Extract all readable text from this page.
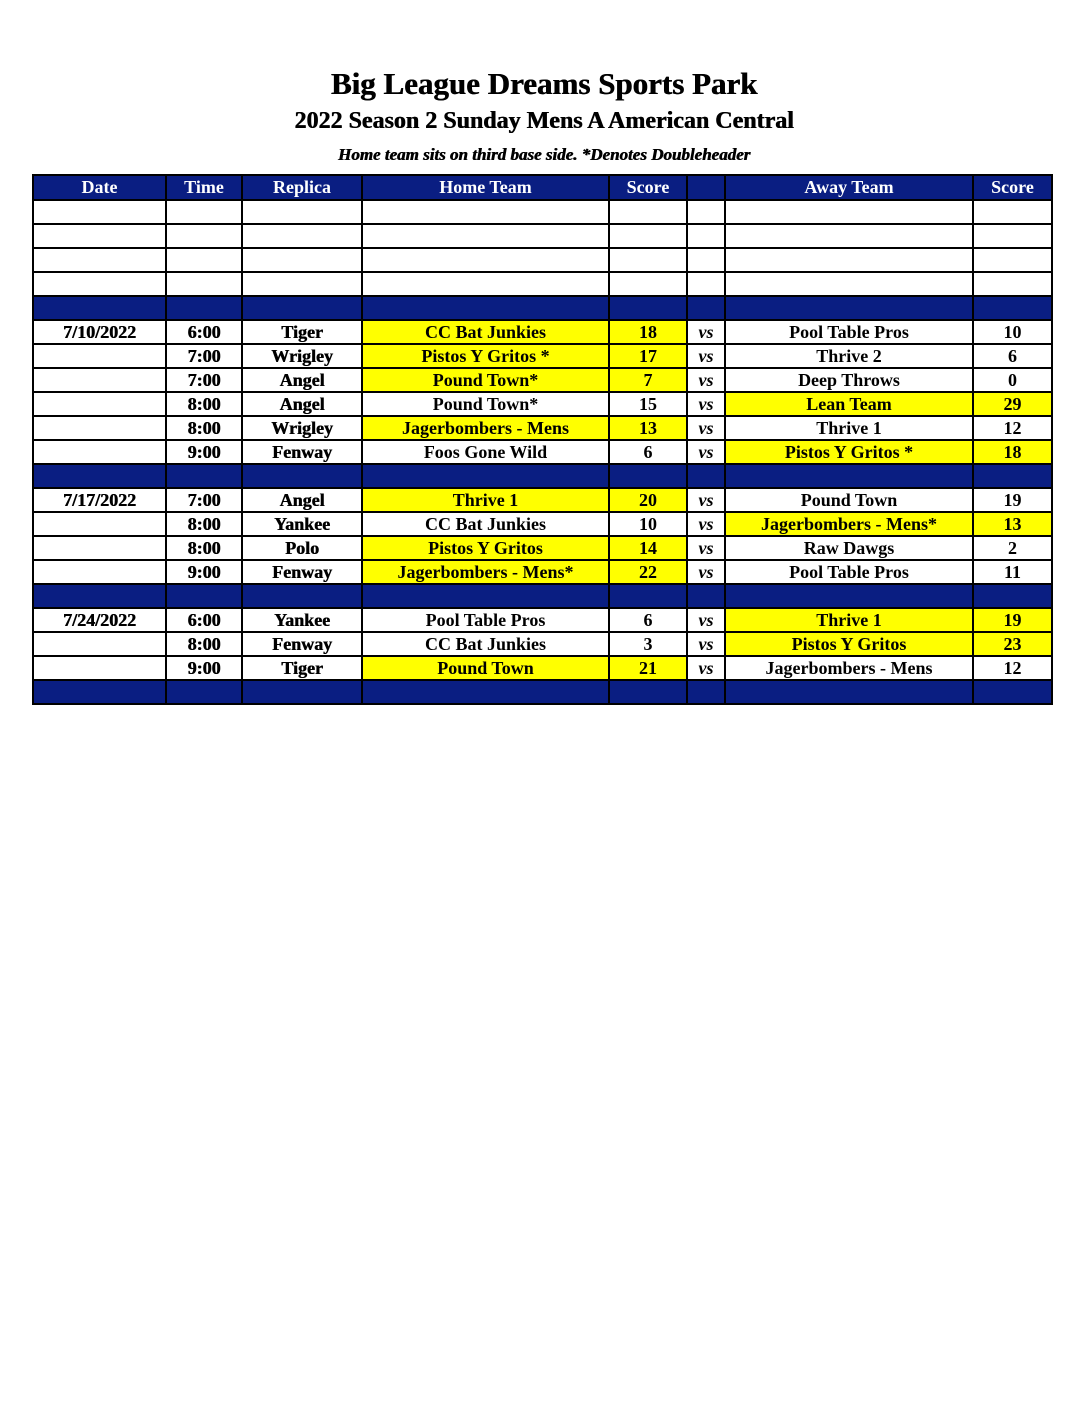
Big League Dreams Sports Park
2022 Season 2 Sunday Mens A American Central
Home team sits on third base side. *Denotes Doubleheader
Date	Time	Replica	Home Team	Score		Away Team	Score

7/10/2022	6:00	Tiger	CC Bat Junkies	18	vs	Pool Table Pros	10
	7:00	Wrigley	Pistos Y Gritos *	17	vs	Thrive 2	6
	7:00	Angel	Pound Town*	7	vs	Deep Throws	0
	8:00	Angel	Pound Town*	15	vs	Lean Team	29
	8:00	Wrigley	Jagerbombers - Mens	13	vs	Thrive 1	12
	9:00	Fenway	Foos Gone Wild	6	vs	Pistos Y Gritos *	18

7/17/2022	7:00	Angel	Thrive 1	20	vs	Pound Town	19
	8:00	Yankee	CC Bat Junkies	10	vs	Jagerbombers - Mens*	13
	8:00	Polo	Pistos Y Gritos	14	vs	Raw Dawgs	2
	9:00	Fenway	Jagerbombers - Mens*	22	vs	Pool Table Pros	11

7/24/2022	6:00	Yankee	Pool Table Pros	6	vs	Thrive 1	19
	8:00	Fenway	CC Bat Junkies	3	vs	Pistos Y Gritos	23
	9:00	Tiger	Pound Town	21	vs	Jagerbombers - Mens	12
